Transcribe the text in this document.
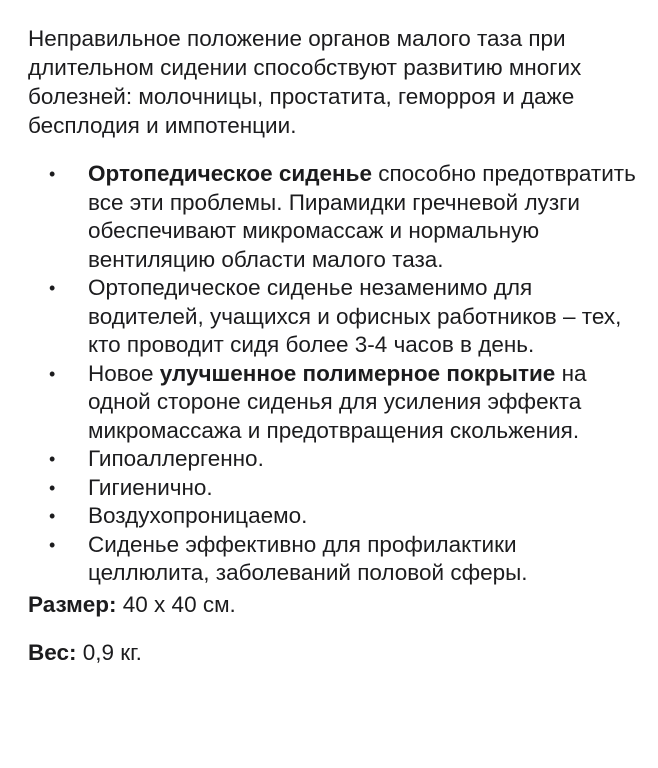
Неправильное положение органов малого таза при длительном сидении способствуют развитию многих болезней: молочницы, простатита, геморроя и даже бесплодия и импотенции.

• Ортопедическое сиденье способно предотвратить все эти проблемы. Пирамидки гречневой лузги обеспечивают микромассаж и нормальную вентиляцию области малого таза.
• Ортопедическое сиденье незаменимо для водителей, учащихся и офисных работников – тех, кто проводит сидя более 3-4 часов в день.
• Новое улучшенное полимерное покрытие на одной стороне сиденья для усиления эффекта микромассажа и предотвращения скольжения.
• Гипоаллергенно.
• Гигиенично.
• Воздухопроницаемо.
• Сиденье эффективно для профилактики целлюлита, заболеваний половой сферы.

Размер: 40 х 40 см.

Вес: 0,9 кг.
